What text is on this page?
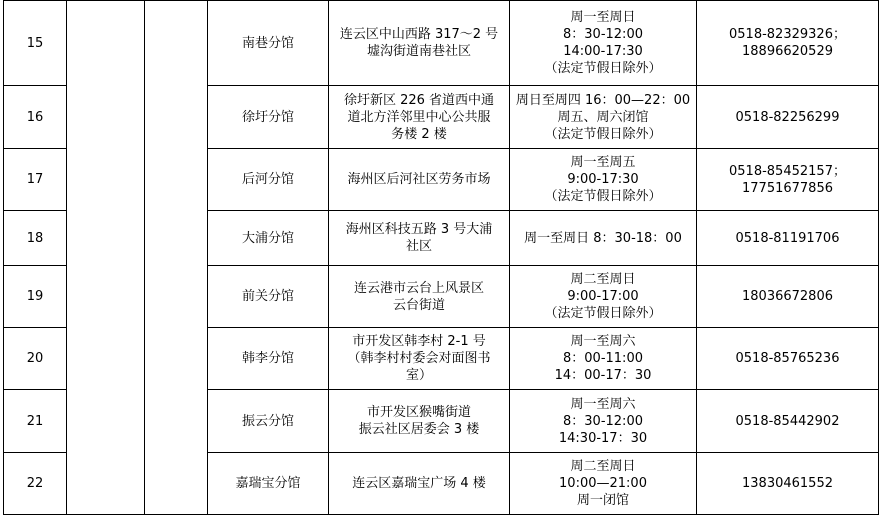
15			南巷分馆	连云区中山西路 317～2 号
墟沟街道南巷社区	周一至周日
8：30-12:00
14:00-17:30
（法定节假日除外）	0518-82329326；
18896620529
16			徐圩分馆	徐圩新区 226 省道西中通
道北方洋邻里中心公共服
务楼 2 楼	周日至周四 16：00—22：00
周五、周六闭馆
（法定节假日除外）	0518-82256299
17			后河分馆	海州区后河社区劳务市场	周一至周五
9:00-17:30
（法定节假日除外）	0518-85452157；
17751677856
18			大浦分馆	海州区科技五路 3 号大浦
社区	周一至周日 8：30-18：00	0518-81191706
19			前关分馆	连云港市云台上风景区
云台街道	周二至周日
9:00-17:00
（法定节假日除外）	18036672806
20			韩李分馆	市开发区韩李村 2-1 号
（韩李村村委会对面图书
室）	周一至周六
8：00-11:00
14：00-17：30	0518-85765236
21			振云分馆	市开发区猴嘴街道
振云社区居委会 3 楼	周一至周六
8：30-12:00
14:30-17：30	0518-85442902
22			嘉瑞宝分馆	连云区嘉瑞宝广场 4 楼	周二至周日
10:00—21:00
周一闭馆	13830461552
